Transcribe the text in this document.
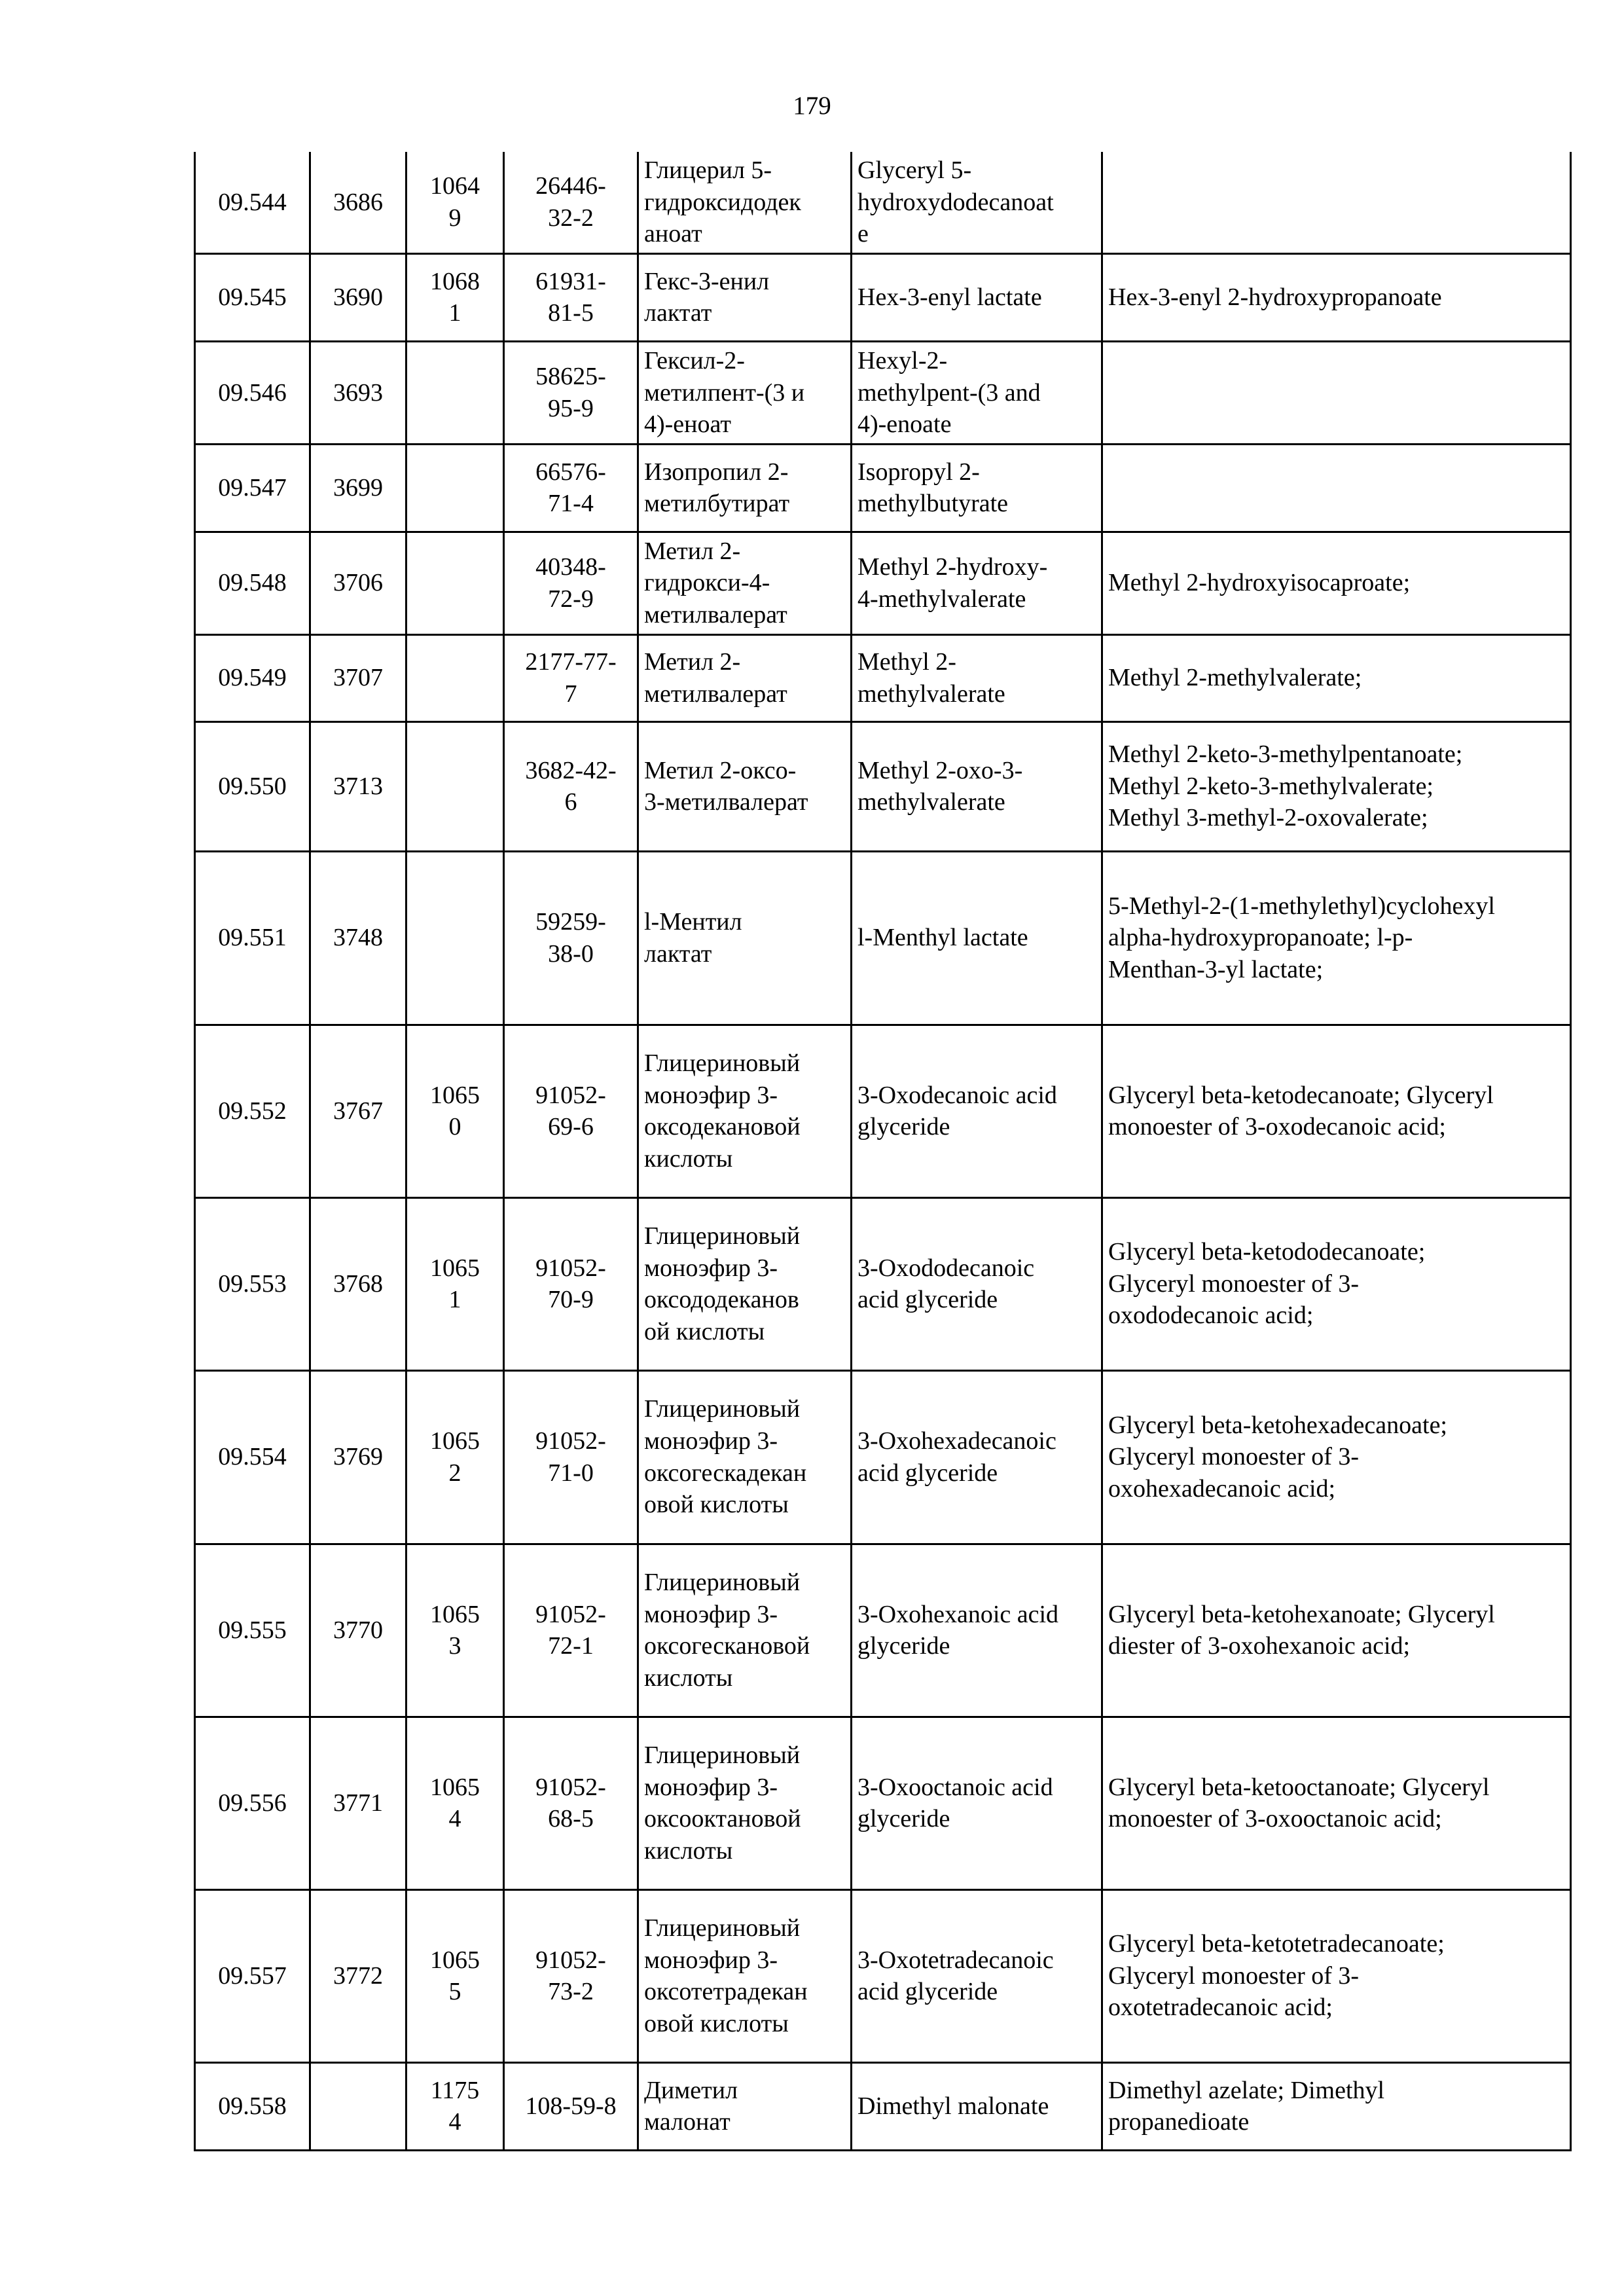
179
09.544	3686	1064
9	26446-
32-2	Глицерил 5-
гидроксидодек
аноат	Glyceryl 5-
hydroxydodecanoat
e	

09.545	3690	1068
1	61931-
81-5	Гекс-3-енил
лактат	Hex-3-enyl lactate	Hex-3-enyl 2-hydroxypropanoate

09.546	3693		58625-
95-9	Гексил-2-
метилпент-(3 и
4)-еноат	Hexyl-2-
methylpent-(3 and
4)-enoate	

09.547	3699		66576-
71-4	Изопропил 2-
метилбутират	Isopropyl 2-
methylbutyrate	

09.548	3706		40348-
72-9	Метил 2-
гидрокси-4-
метилвалерат	Methyl 2-hydroxy-
4-methylvalerate	Methyl 2-hydroxyisocaproate;

09.549	3707		2177-77-
7	Метил 2-
метилвалерат	Methyl 2-
methylvalerate	Methyl 2-methylvalerate;

09.550	3713		3682-42-
6	Метил 2-оксо-
3-метилвалерат	Methyl 2-oxo-3-
methylvalerate	Methyl 2-keto-3-methylpentanoate;
Methyl 2-keto-3-methylvalerate;
Methyl 3-methyl-2-oxovalerate;

09.551	3748		59259-
38-0	l-Ментил
лактат	l-Menthyl lactate	5-Methyl-2-(1-methylethyl)cyclohexyl
alpha-hydroxypropanoate; l-p-
Menthan-3-yl lactate;

09.552	3767	1065
0	91052-
69-6	Глицериновый
моноэфир 3-
оксодекановой
кислоты	3-Oxodecanoic acid
glyceride	Glyceryl beta-ketodecanoate; Glyceryl
monoester of 3-oxodecanoic acid;

09.553	3768	1065
1	91052-
70-9	Глицериновый
моноэфир 3-
оксододеканов
ой кислоты	3-Oxododecanoic
acid glyceride	Glyceryl beta-ketododecanoate;
Glyceryl monoester of 3-
oxododecanoic acid;

09.554	3769	1065
2	91052-
71-0	Глицериновый
моноэфир 3-
оксогескадекан
овой кислоты	3-Oxohexadecanoic
acid glyceride	Glyceryl beta-ketohexadecanoate;
Glyceryl monoester of 3-
oxohexadecanoic acid;

09.555	3770	1065
3	91052-
72-1	Глицериновый
моноэфир 3-
оксогескановой
кислоты	3-Oxohexanoic acid
glyceride	Glyceryl beta-ketohexanoate; Glyceryl
diester of 3-oxohexanoic acid;

09.556	3771	1065
4	91052-
68-5	Глицериновый
моноэфир 3-
оксооктановой
кислоты	3-Oxooctanoic acid
glyceride	Glyceryl beta-ketooctanoate; Glyceryl
monoester of 3-oxooctanoic acid;

09.557	3772	1065
5	91052-
73-2	Глицериновый
моноэфир 3-
оксотетрадекан
овой кислоты	3-Oxotetradecanoic
acid glyceride	Glyceryl beta-ketotetradecanoate;
Glyceryl monoester of 3-
oxotetradecanoic acid;

09.558		1175
4	108-59-8	Диметил
малонат	Dimethyl malonate	Dimethyl azelate; Dimethyl
propanedioate
